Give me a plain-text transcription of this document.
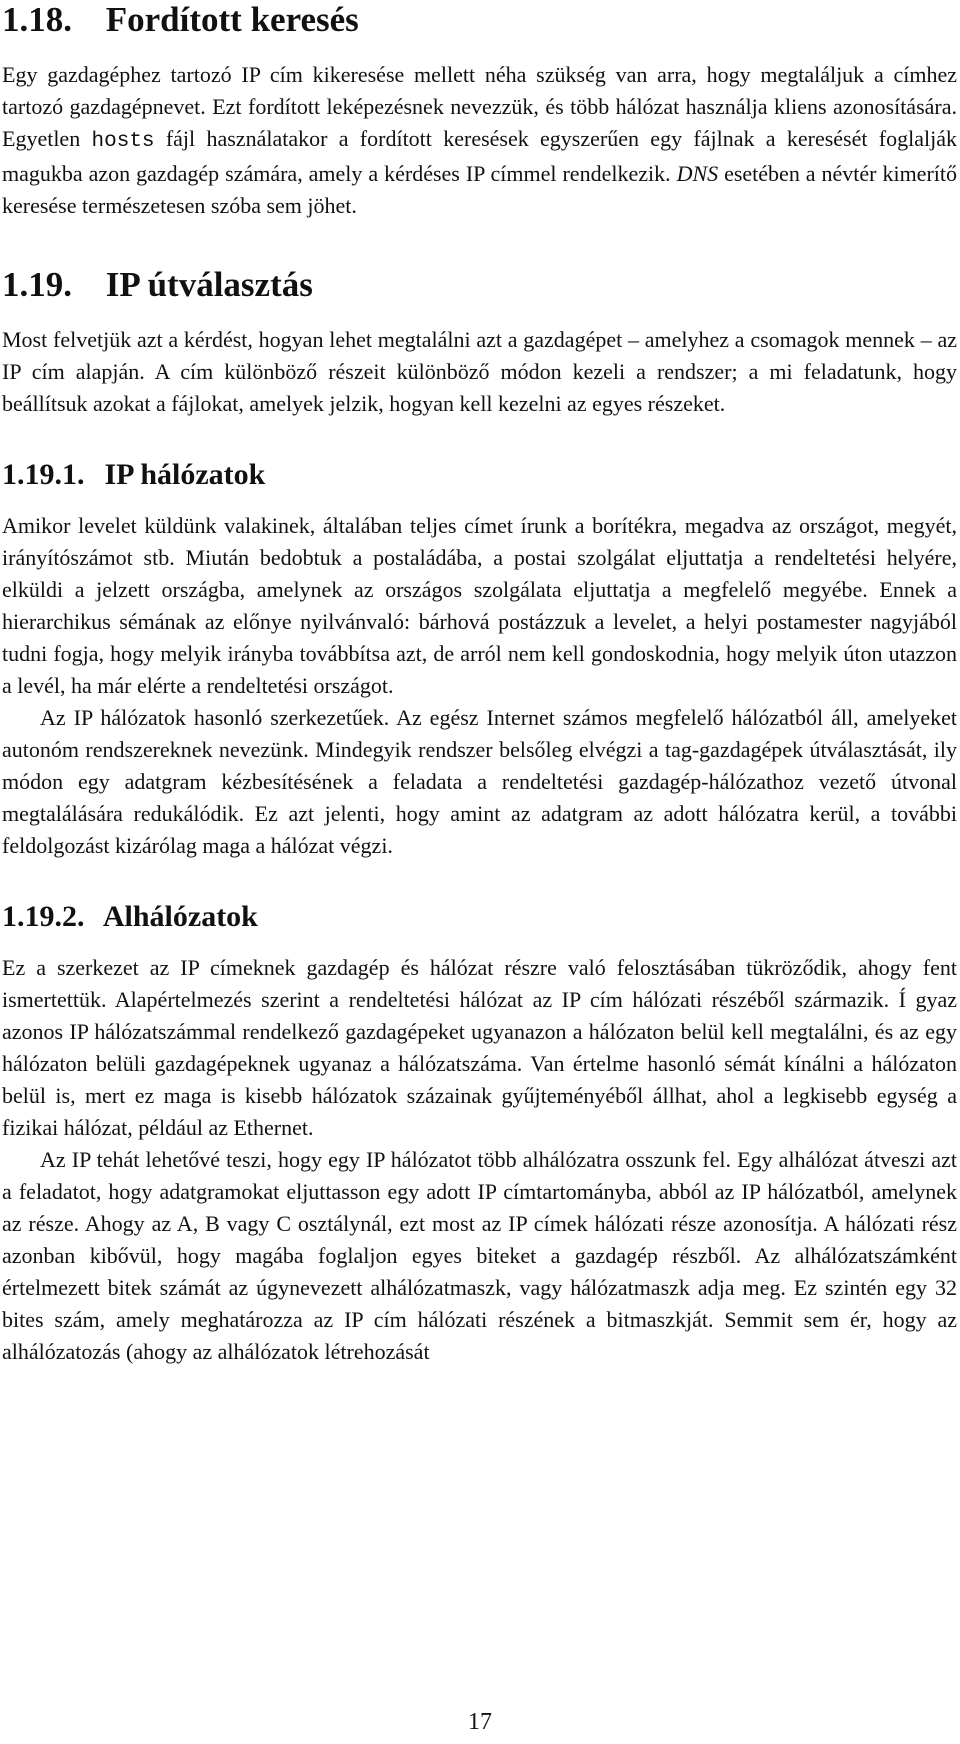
1.18. Fordított keresés

Egy gazdagéphez tartozó IP cím kikeresése mellett néha szükség van arra, hogy megtaláljuk a címhez tartozó gazdagépnevet. Ezt fordított leképezésnek nevezzük, és több hálózat használja kliens azonosítására. Egyetlen hosts fájl használatakor a fordított keresések egyszerűen egy fájlnak a keresését foglalják magukba azon gazdagép számára, amely a kérdéses IP címmel rendelkezik. DNS esetében a névtér kimerítő keresése természetesen szóba sem jöhet.

1.19. IP útválasztás

Most felvetjük azt a kérdést, hogyan lehet megtalálni azt a gazdagépet – amelyhez a csomagok mennek – az IP cím alapján. A cím különböző részeit különböző módon kezeli a rendszer; a mi feladatunk, hogy beállítsuk azokat a fájlokat, amelyek jelzik, hogyan kell kezelni az egyes részeket.

1.19.1. IP hálózatok

Amikor levelet küldünk valakinek, általában teljes címet írunk a borítékra, megadva az országot, megyét, irányítószámot stb. Miután bedobtuk a postaládába, a postai szolgálat eljuttatja a rendeltetési helyére, elküldi a jelzett országba, amelynek az országos szolgálata eljuttatja a megfelelő megyébe. Ennek a hierarchikus sémának az előnye nyilvánvaló: bárhová postázzuk a levelet, a helyi postamester nagyjából tudni fogja, hogy melyik irányba továbbítsa azt, de arról nem kell gondoskodnia, hogy melyik úton utazzon a levél, ha már elérte a rendeltetési országot.

Az IP hálózatok hasonló szerkezetűek. Az egész Internet számos megfelelő hálózatból áll, amelyeket autonóm rendszereknek nevezünk. Mindegyik rendszer belsőleg elvégzi a tag-gazdagépek útválasztását, ily módon egy adatgram kézbesítésének a feladata a rendeltetési gazdagép-hálózathoz vezető útvonal megtalálására redukálódik. Ez azt jelenti, hogy amint az adatgram az adott hálózatra kerül, a további feldolgozást kizárólag maga a hálózat végzi.

1.19.2. Alhálózatok

Ez a szerkezet az IP címeknek gazdagép és hálózat részre való felosztásában tükröződik, ahogy fent ismertettük. Alapértelmezés szerint a rendeltetési hálózat az IP cím hálózati részéből származik. Í gyaz azonos IP hálózatszámmal rendelkező gazdagépeket ugyanazon a hálózaton belül kell megtalálni, és az egy hálózaton belüli gazdagépeknek ugyanaz a hálózatszáma. Van értelme hasonló sémát kínálni a hálózaton belül is, mert ez maga is kisebb hálózatok százainak gyűjteményéből állhat, ahol a legkisebb egység a fizikai hálózat, például az Ethernet.

Az IP tehát lehetővé teszi, hogy egy IP hálózatot több alhálózatra osszunk fel. Egy alhálózat átveszi azt a feladatot, hogy adatgramokat eljuttasson egy adott IP címtartományba, abból az IP hálózatból, amelynek az része. Ahogy az A, B vagy C osztálynál, ezt most az IP címek hálózati része azonosítja. A hálózati rész azonban kibővül, hogy magába foglaljon egyes biteket a gazdagép részből. Az alhálózatszámként értelmezett bitek számát az úgynevezett alhálózatmaszk, vagy hálózatmaszk adja meg. Ez szintén egy 32 bites szám, amely meghatározza az IP cím hálózati részének a bitmaszkját. Semmit sem ér, hogy az alhálózatozás (ahogy az alhálózatok létrehozását

17
